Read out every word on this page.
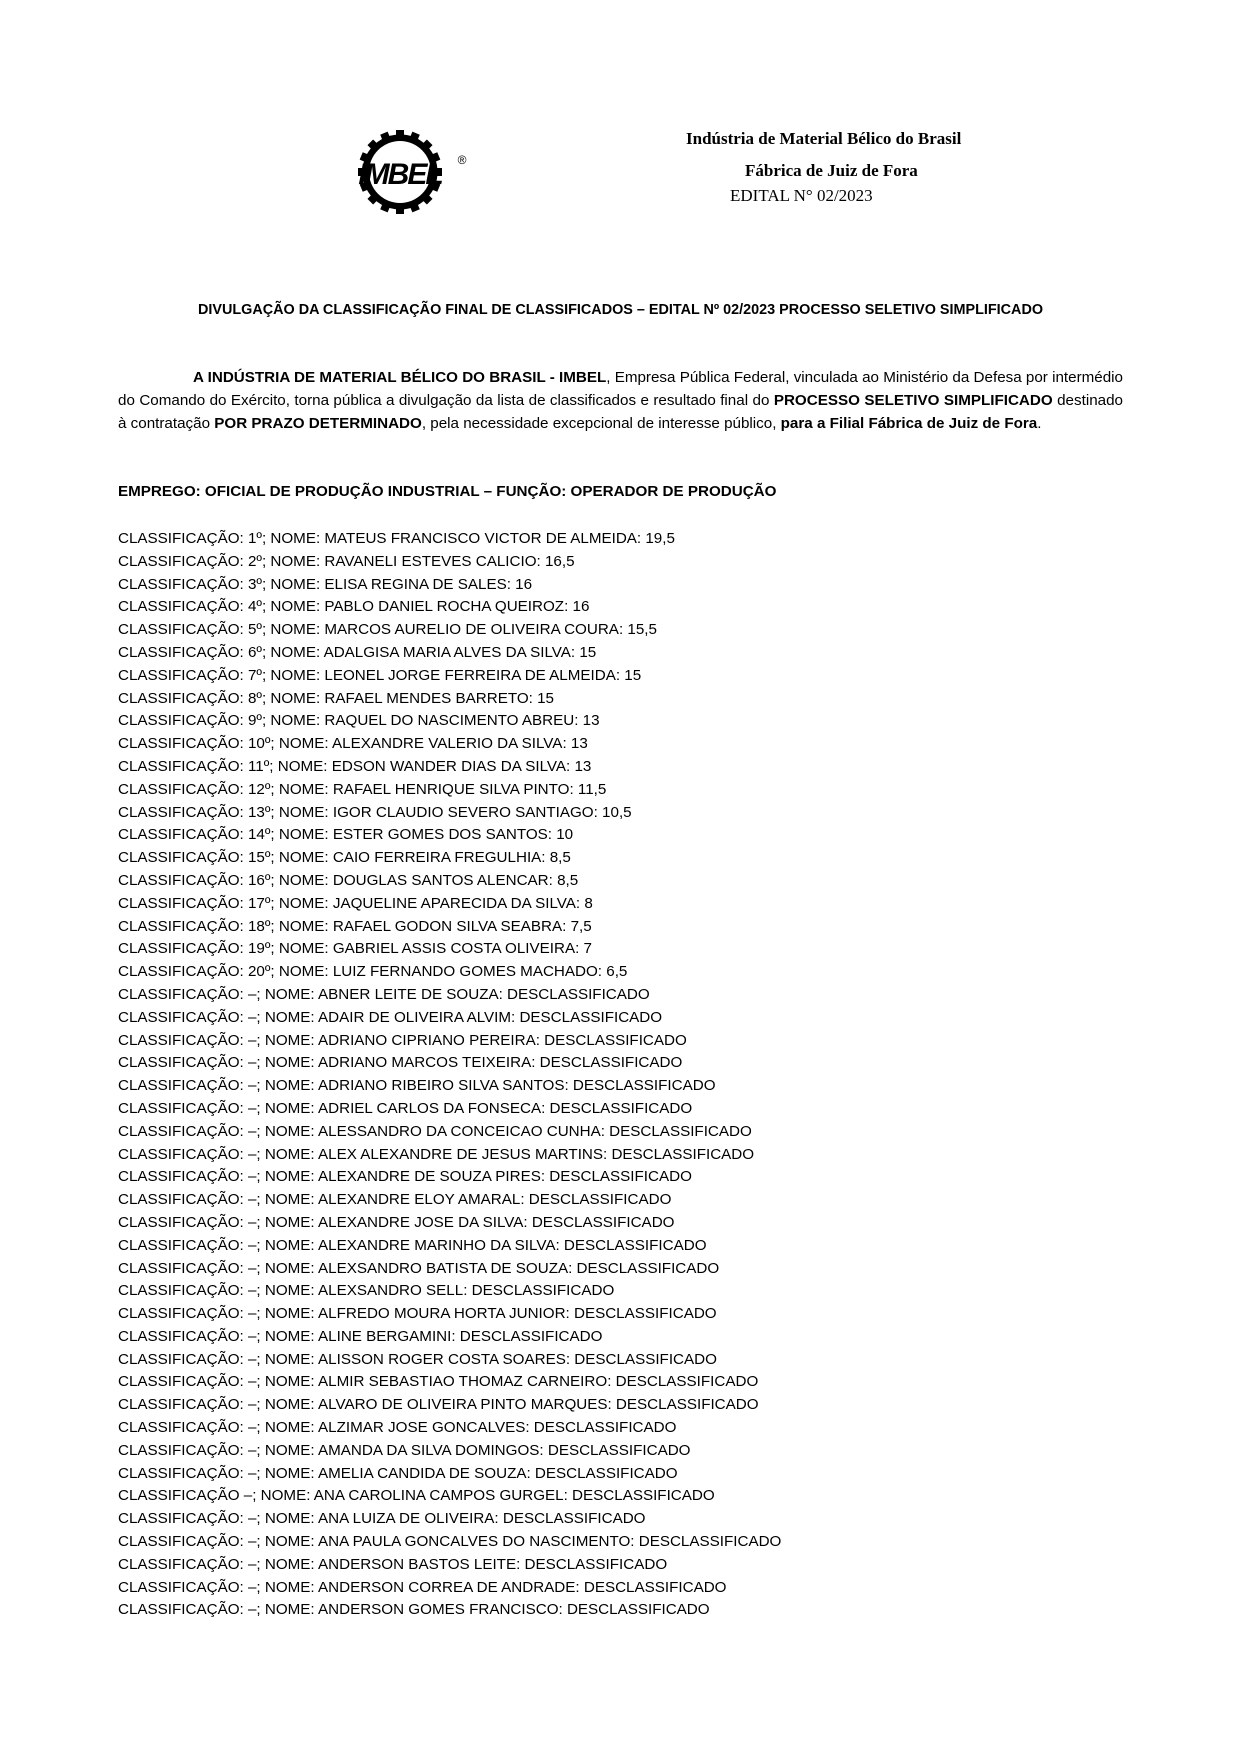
IMBEL ®
Indústria de Material Bélico do Brasil
Fábrica de Juiz de Fora
EDITAL N° 02/2023
DIVULGAÇÃO DA CLASSIFICAÇÃO FINAL DE CLASSIFICADOS – EDITAL Nº 02/2023 PROCESSO SELETIVO SIMPLIFICADO

A INDÚSTRIA DE MATERIAL BÉLICO DO BRASIL - IMBEL, Empresa Pública Federal, vinculada ao Ministério da Defesa por intermédio do Comando do Exército, torna pública a divulgação da lista de classificados e resultado final do PROCESSO SELETIVO SIMPLIFICADO destinado à contratação POR PRAZO DETERMINADO, pela necessidade excepcional de interesse público, para a Filial Fábrica de Juiz de Fora.

EMPREGO: OFICIAL DE PRODUÇÃO INDUSTRIAL – FUNÇÃO: OPERADOR DE PRODUÇÃO
CLASSIFICAÇÃO: 1º; NOME: MATEUS FRANCISCO VICTOR DE ALMEIDA: 19,5
CLASSIFICAÇÃO: 2º; NOME: RAVANELI ESTEVES CALICIO: 16,5
CLASSIFICAÇÃO: 3º; NOME: ELISA REGINA DE SALES: 16
CLASSIFICAÇÃO: 4º; NOME: PABLO DANIEL ROCHA QUEIROZ: 16
CLASSIFICAÇÃO: 5º; NOME: MARCOS AURELIO DE OLIVEIRA COURA: 15,5
CLASSIFICAÇÃO: 6º; NOME: ADALGISA MARIA ALVES DA SILVA: 15
CLASSIFICAÇÃO: 7º; NOME: LEONEL JORGE FERREIRA DE ALMEIDA: 15
CLASSIFICAÇÃO: 8º; NOME: RAFAEL MENDES BARRETO: 15
CLASSIFICAÇÃO: 9º; NOME: RAQUEL DO NASCIMENTO ABREU: 13
CLASSIFICAÇÃO: 10º; NOME: ALEXANDRE VALERIO DA SILVA: 13
CLASSIFICAÇÃO: 11º; NOME: EDSON WANDER DIAS DA SILVA: 13
CLASSIFICAÇÃO: 12º; NOME: RAFAEL HENRIQUE SILVA PINTO: 11,5
CLASSIFICAÇÃO: 13º; NOME: IGOR CLAUDIO SEVERO SANTIAGO: 10,5
CLASSIFICAÇÃO: 14º; NOME: ESTER GOMES DOS SANTOS: 10
CLASSIFICAÇÃO: 15º; NOME: CAIO FERREIRA FREGULHIA: 8,5
CLASSIFICAÇÃO: 16º; NOME: DOUGLAS SANTOS ALENCAR: 8,5
CLASSIFICAÇÃO: 17º; NOME: JAQUELINE APARECIDA DA SILVA: 8
CLASSIFICAÇÃO: 18º; NOME: RAFAEL GODON SILVA SEABRA: 7,5
CLASSIFICAÇÃO: 19º; NOME: GABRIEL ASSIS COSTA OLIVEIRA: 7
CLASSIFICAÇÃO: 20º; NOME: LUIZ FERNANDO GOMES MACHADO: 6,5
CLASSIFICAÇÃO: –; NOME: ABNER LEITE DE SOUZA: DESCLASSIFICADO
CLASSIFICAÇÃO: –; NOME: ADAIR DE OLIVEIRA ALVIM: DESCLASSIFICADO
CLASSIFICAÇÃO: –; NOME: ADRIANO CIPRIANO PEREIRA: DESCLASSIFICADO
CLASSIFICAÇÃO: –; NOME: ADRIANO MARCOS TEIXEIRA: DESCLASSIFICADO
CLASSIFICAÇÃO: –; NOME: ADRIANO RIBEIRO SILVA SANTOS: DESCLASSIFICADO
CLASSIFICAÇÃO: –; NOME: ADRIEL CARLOS DA FONSECA: DESCLASSIFICADO
CLASSIFICAÇÃO: –; NOME: ALESSANDRO DA CONCEICAO CUNHA: DESCLASSIFICADO
CLASSIFICAÇÃO: –; NOME: ALEX ALEXANDRE DE JESUS MARTINS: DESCLASSIFICADO
CLASSIFICAÇÃO: –; NOME: ALEXANDRE DE SOUZA PIRES: DESCLASSIFICADO
CLASSIFICAÇÃO: –; NOME: ALEXANDRE ELOY AMARAL: DESCLASSIFICADO
CLASSIFICAÇÃO: –; NOME: ALEXANDRE JOSE DA SILVA: DESCLASSIFICADO
CLASSIFICAÇÃO: –; NOME: ALEXANDRE MARINHO DA SILVA: DESCLASSIFICADO
CLASSIFICAÇÃO: –; NOME: ALEXSANDRO BATISTA DE SOUZA: DESCLASSIFICADO
CLASSIFICAÇÃO: –; NOME: ALEXSANDRO SELL: DESCLASSIFICADO
CLASSIFICAÇÃO: –; NOME: ALFREDO MOURA HORTA JUNIOR: DESCLASSIFICADO
CLASSIFICAÇÃO: –; NOME: ALINE BERGAMINI: DESCLASSIFICADO
CLASSIFICAÇÃO: –; NOME: ALISSON ROGER COSTA SOARES: DESCLASSIFICADO
CLASSIFICAÇÃO: –; NOME: ALMIR SEBASTIAO THOMAZ CARNEIRO: DESCLASSIFICADO
CLASSIFICAÇÃO: –; NOME: ALVARO DE OLIVEIRA PINTO MARQUES: DESCLASSIFICADO
CLASSIFICAÇÃO: –; NOME: ALZIMAR JOSE GONCALVES: DESCLASSIFICADO
CLASSIFICAÇÃO: –; NOME: AMANDA DA SILVA DOMINGOS: DESCLASSIFICADO
CLASSIFICAÇÃO: –; NOME: AMELIA CANDIDA DE SOUZA: DESCLASSIFICADO
CLASSIFICAÇÃO –; NOME: ANA CAROLINA CAMPOS GURGEL: DESCLASSIFICADO
CLASSIFICAÇÃO: –; NOME: ANA LUIZA DE OLIVEIRA: DESCLASSIFICADO
CLASSIFICAÇÃO: –; NOME: ANA PAULA GONCALVES DO NASCIMENTO: DESCLASSIFICADO
CLASSIFICAÇÃO: –; NOME: ANDERSON BASTOS LEITE: DESCLASSIFICADO
CLASSIFICAÇÃO: –; NOME: ANDERSON CORREA DE ANDRADE: DESCLASSIFICADO
CLASSIFICAÇÃO: –; NOME: ANDERSON GOMES FRANCISCO: DESCLASSIFICADO
